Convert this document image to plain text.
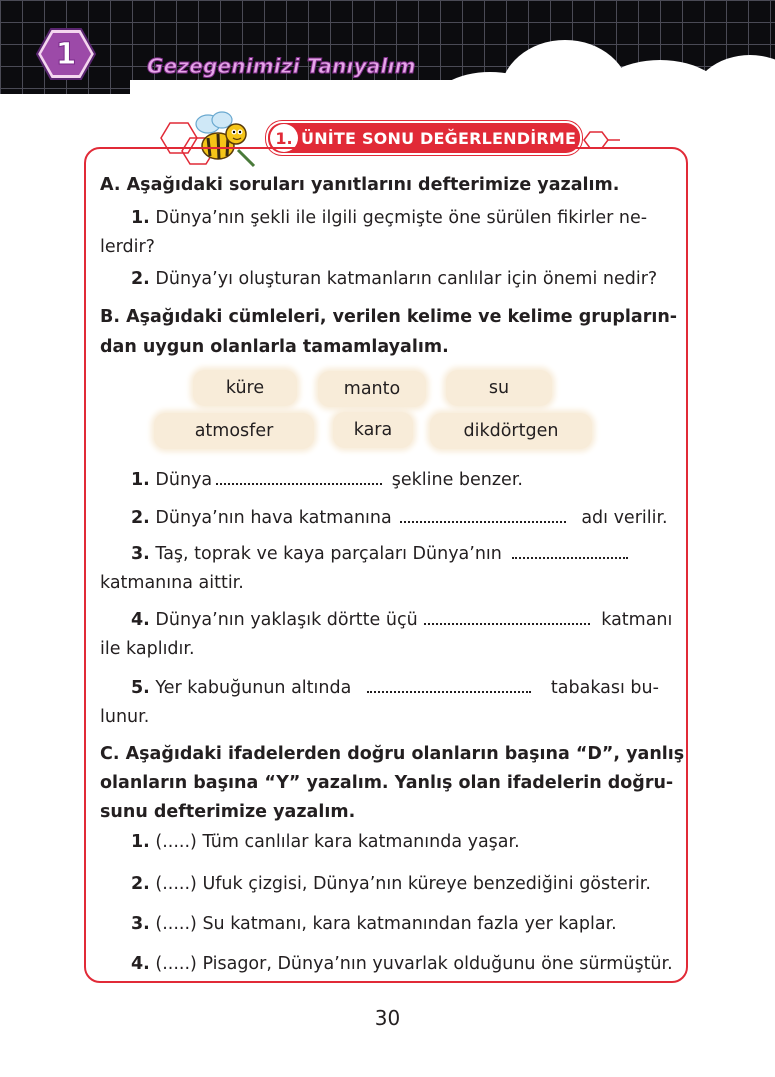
1	Gezegenimizi Tanıyalım
1. ÜNİTE SONU DEĞERLENDİRME
A. Aşağıdaki soruları yanıtlarını defterimize yazalım.
1. Dünya’nın şekli ile ilgili geçmişte öne sürülen fikirler ne-
lerdir?
2. Dünya’yı oluşturan katmanların canlılar için önemi nedir?
B. Aşağıdaki cümleleri, verilen kelime ve kelime grupların-
dan uygun olanlarla tamamlayalım.
küre	manto	su
atmosfer	kara	dikdörtgen
1. Dünya	şekline benzer.
2. Dünya’nın hava katmanına	adı verilir.
3. Taş, toprak ve kaya parçaları Dünya’nın
katmanına aittir.
4. Dünya’nın yaklaşık dörtte üçü	katmanı
ile kaplıdır.
5. Yer kabuğunun altında	tabakası bu-
lunur.
C. Aşağıdaki ifadelerden doğru olanların başına “D”, yanlış
olanların başına “Y” yazalım. Yanlış olan ifadelerin doğru-
sunu defterimize yazalım.
1. (.....) Tüm canlılar kara katmanında yaşar.
2. (.....) Ufuk çizgisi, Dünya’nın küreye benzediğini gösterir.
3. (.....) Su katmanı, kara katmanından fazla yer kaplar.
4. (.....) Pisagor, Dünya’nın yuvarlak olduğunu öne sürmüştür.
30
